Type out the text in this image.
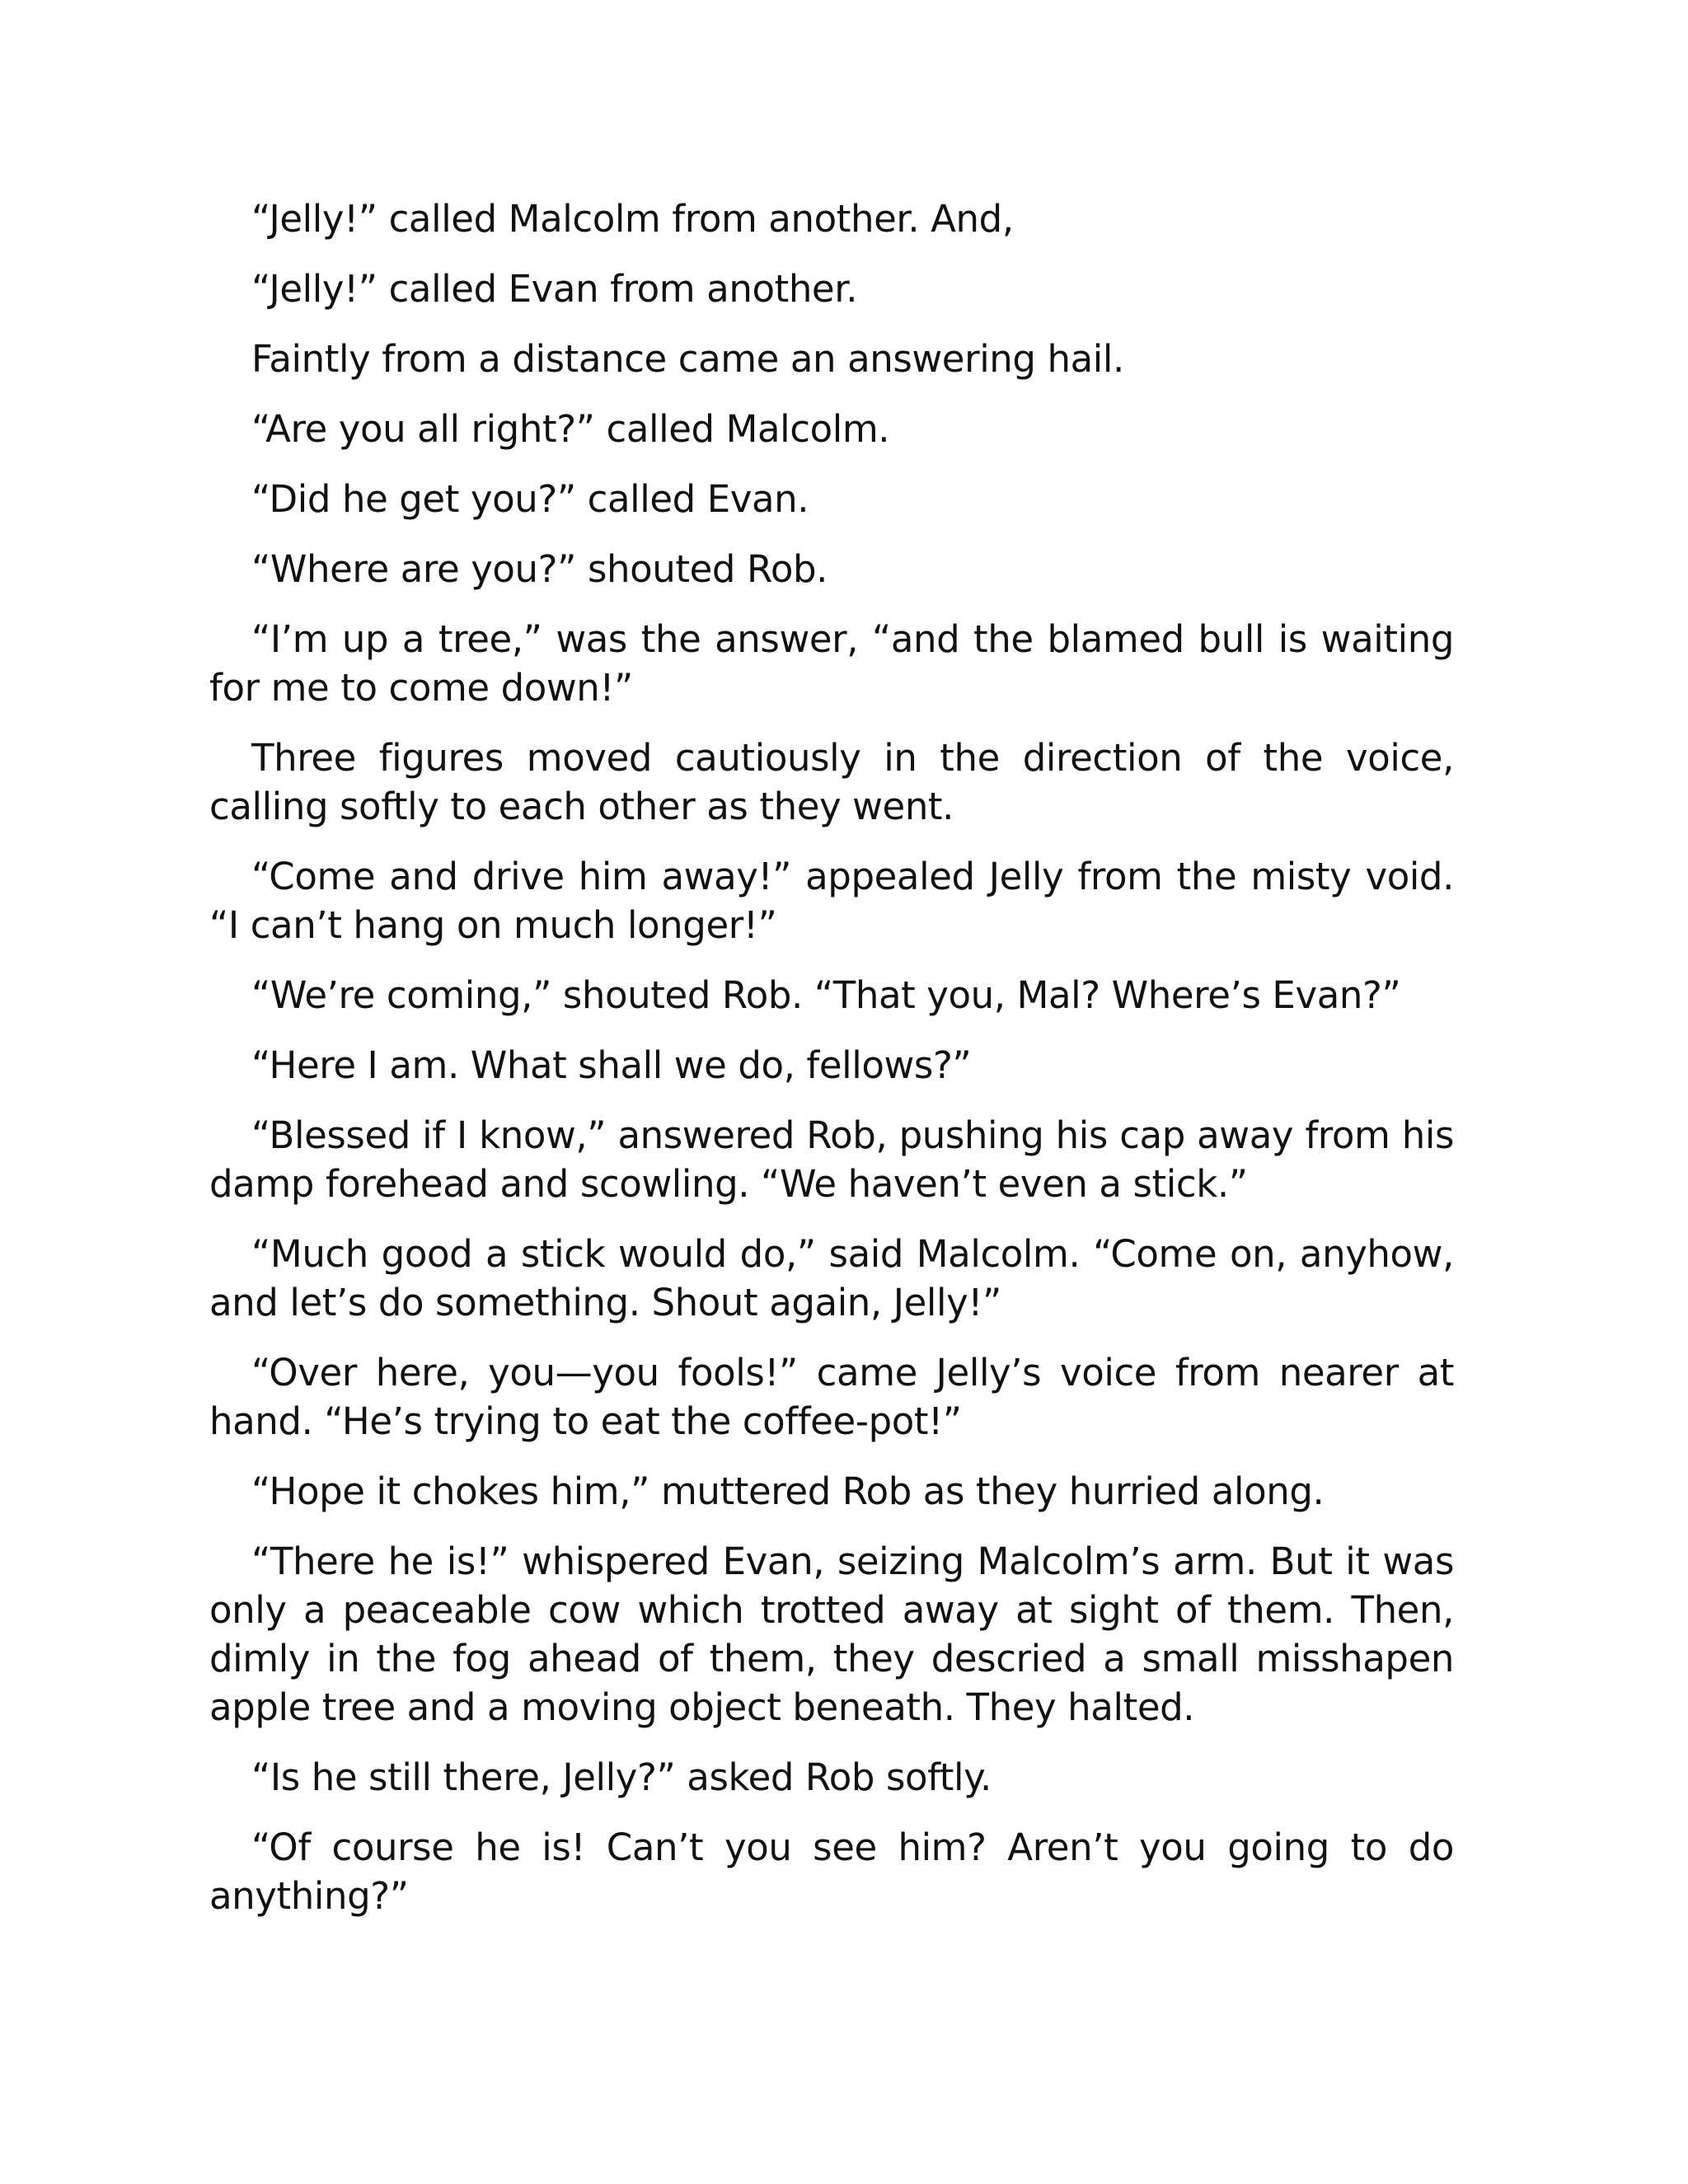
“Jelly!” called Malcolm from another. And,

“Jelly!” called Evan from another.

Faintly from a distance came an answering hail.

“Are you all right?” called Malcolm.

“Did he get you?” called Evan.

“Where are you?” shouted Rob.

“I’m up a tree,” was the answer, “and the blamed bull is waiting for me to come down!”

Three figures moved cautiously in the direction of the voice, calling softly to each other as they went.

“Come and drive him away!” appealed Jelly from the misty void. “I can’t hang on much longer!”

“We’re coming,” shouted Rob. “That you, Mal? Where’s Evan?”

“Here I am. What shall we do, fellows?”

“Blessed if I know,” answered Rob, pushing his cap away from his damp forehead and scowling. “We haven’t even a stick.”

“Much good a stick would do,” said Malcolm. “Come on, anyhow, and let’s do something. Shout again, Jelly!”

“Over here, you—you fools!” came Jelly’s voice from nearer at hand. “He’s trying to eat the coffee-pot!”

“Hope it chokes him,” muttered Rob as they hurried along.

“There he is!” whispered Evan, seizing Malcolm’s arm. But it was only a peaceable cow which trotted away at sight of them. Then, dimly in the fog ahead of them, they descried a small misshapen apple tree and a moving object beneath. They halted.

“Is he still there, Jelly?” asked Rob softly.

“Of course he is! Can’t you see him? Aren’t you going to do anything?”
